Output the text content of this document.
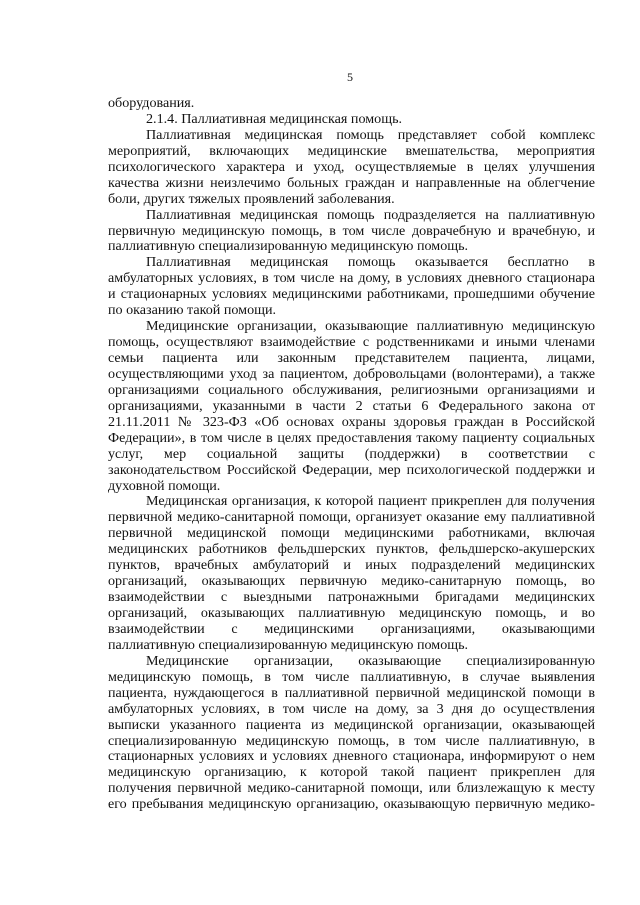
5
оборудования.
2.1.4. Паллиативная медицинская помощь.
Паллиативная медицинская помощь представляет собой комплекс
мероприятий, включающих медицинские вмешательства, мероприятия
психологического характера и уход, осуществляемые в целях улучшения
качества жизни неизлечимо больных граждан и направленные на облегчение
боли, других тяжелых проявлений заболевания.
Паллиативная медицинская помощь подразделяется на паллиативную
первичную медицинскую помощь, в том числе доврачебную и врачебную, и
паллиативную специализированную медицинскую помощь.
Паллиативная медицинская помощь оказывается бесплатно в
амбулаторных условиях, в том числе на дому, в условиях дневного стационара
и стационарных условиях медицинскими работниками, прошедшими обучение
по оказанию такой помощи.
Медицинские организации, оказывающие паллиативную медицинскую
помощь, осуществляют взаимодействие с родственниками и иными членами
семьи пациента или законным представителем пациента, лицами,
осуществляющими уход за пациентом, добровольцами (волонтерами), а также
организациями социального обслуживания, религиозными организациями и
организациями, указанными в части 2 статьи 6 Федерального закона от
21.11.2011 № 323-ФЗ «Об основах охраны здоровья граждан в Российской
Федерации», в том числе в целях предоставления такому пациенту социальных
услуг, мер социальной защиты (поддержки) в соответствии с
законодательством Российской Федерации, мер психологической поддержки и
духовной помощи.
Медицинская организация, к которой пациент прикреплен для получения
первичной медико-санитарной помощи, организует оказание ему паллиативной
первичной медицинской помощи медицинскими работниками, включая
медицинских работников фельдшерских пунктов, фельдшерско-акушерских
пунктов, врачебных амбулаторий и иных подразделений медицинских
организаций, оказывающих первичную медико-санитарную помощь, во
взаимодействии с выездными патронажными бригадами медицинских
организаций, оказывающих паллиативную медицинскую помощь, и во
взаимодействии с медицинскими организациями, оказывающими
паллиативную специализированную медицинскую помощь.
Медицинские организации, оказывающие специализированную
медицинскую помощь, в том числе паллиативную, в случае выявления
пациента, нуждающегося в паллиативной первичной медицинской помощи в
амбулаторных условиях, в том числе на дому, за 3 дня до осуществления
выписки указанного пациента из медицинской организации, оказывающей
специализированную медицинскую помощь, в том числе паллиативную, в
стационарных условиях и условиях дневного стационара, информируют о нем
медицинскую организацию, к которой такой пациент прикреплен для
получения первичной медико-санитарной помощи, или близлежащую к месту
его пребывания медицинскую организацию, оказывающую первичную медико-
